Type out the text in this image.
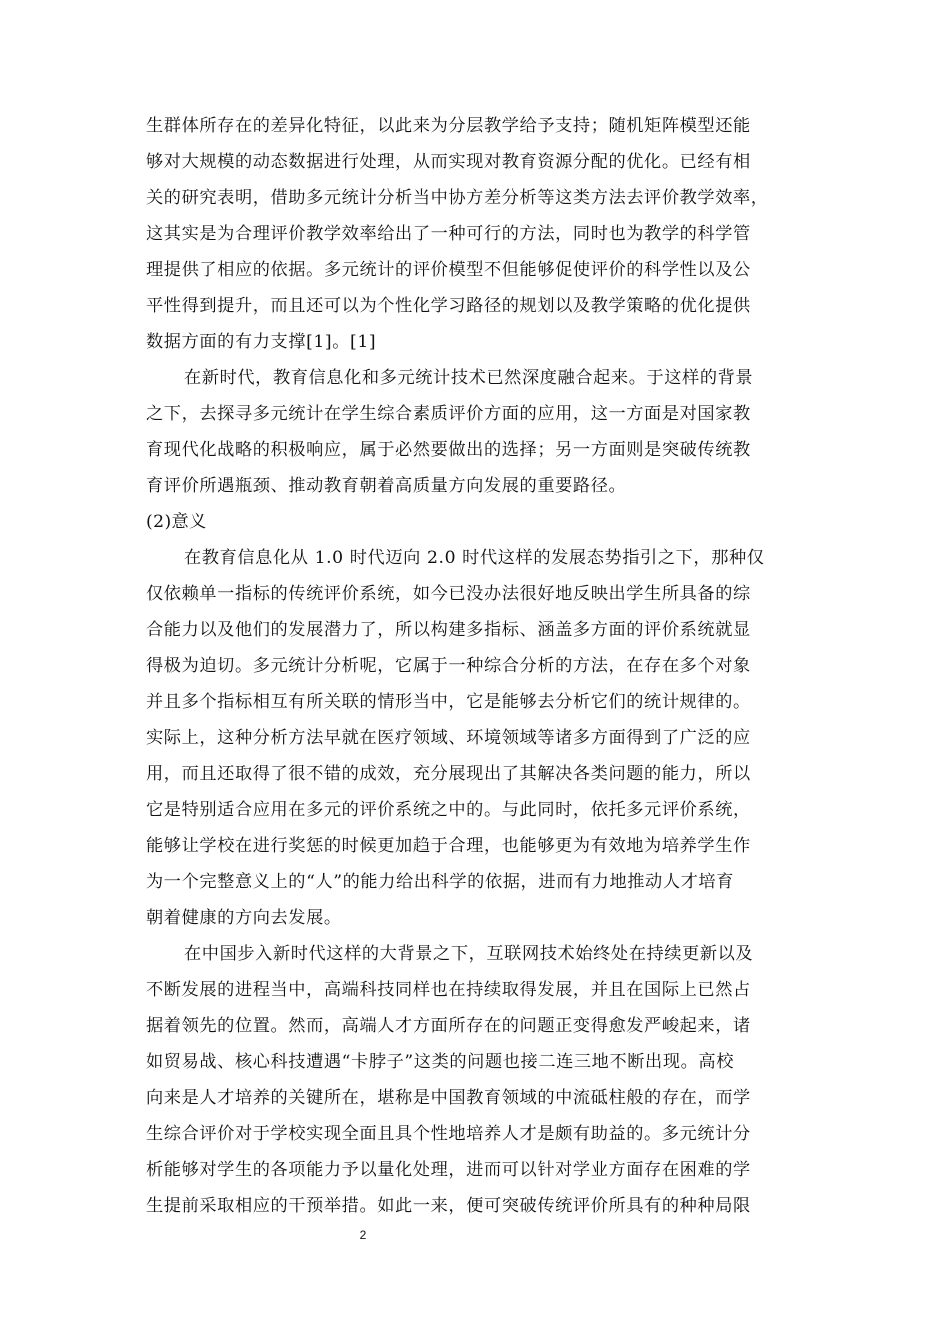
生群体所存在的差异化特征，以此来为分层教学给予支持；随机矩阵模型还能
够对大规模的动态数据进行处理，从而实现对教育资源分配的优化。已经有相
关的研究表明，借助多元统计分析当中协方差分析等这类方法去评价教学效率，
这其实是为合理评价教学效率给出了一种可行的方法，同时也为教学的科学管
理提供了相应的依据。多元统计的评价模型不但能够促使评价的科学性以及公
平性得到提升，而且还可以为个性化学习路径的规划以及教学策略的优化提供
数据方面的有力支撑[1]。[1]
在新时代，教育信息化和多元统计技术已然深度融合起来。于这样的背景
之下，去探寻多元统计在学生综合素质评价方面的应用，这一方面是对国家教
育现代化战略的积极响应，属于必然要做出的选择；另一方面则是突破传统教
育评价所遇瓶颈、推动教育朝着高质量方向发展的重要路径。
(2)意义
在教育信息化从 1.0 时代迈向 2.0 时代这样的发展态势指引之下，那种仅
仅依赖单一指标的传统评价系统，如今已没办法很好地反映出学生所具备的综
合能力以及他们的发展潜力了，所以构建多指标、涵盖多方面的评价系统就显
得极为迫切。多元统计分析呢，它属于一种综合分析的方法，在存在多个对象
并且多个指标相互有所关联的情形当中，它是能够去分析它们的统计规律的。
实际上，这种分析方法早就在医疗领域、环境领域等诸多方面得到了广泛的应
用，而且还取得了很不错的成效，充分展现出了其解决各类问题的能力，所以
它是特别适合应用在多元的评价系统之中的。与此同时，依托多元评价系统，
能够让学校在进行奖惩的时候更加趋于合理，也能够更为有效地为培养学生作
为一个完整意义上的“人”的能力给出科学的依据，进而有力地推动人才培育
朝着健康的方向去发展。
在中国步入新时代这样的大背景之下，互联网技术始终处在持续更新以及
不断发展的进程当中，高端科技同样也在持续取得发展，并且在国际上已然占
据着领先的位置。然而，高端人才方面所存在的问题正变得愈发严峻起来，诸
如贸易战、核心科技遭遇“卡脖子”这类的问题也接二连三地不断出现。高校
向来是人才培养的关键所在，堪称是中国教育领域的中流砥柱般的存在，而学
生综合评价对于学校实现全面且具个性地培养人才是颇有助益的。多元统计分
析能够对学生的各项能力予以量化处理，进而可以针对学业方面存在困难的学
生提前采取相应的干预举措。如此一来，便可突破传统评价所具有的种种局限
2
